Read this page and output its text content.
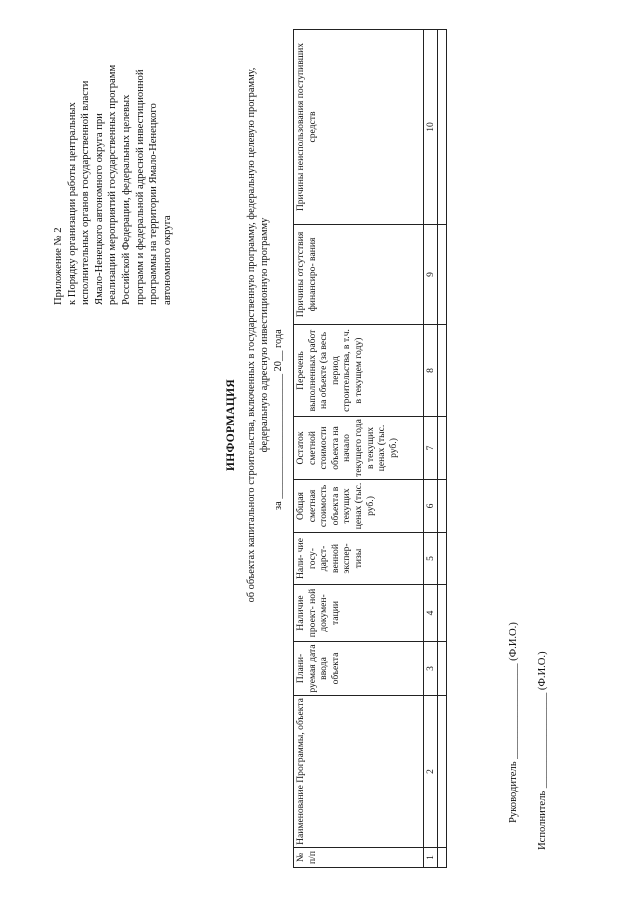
Приложение № 2 к Порядку организации работы центральных исполнительных органов государственной власти Ямало-Ненецкого автономного округа при реализации мероприятий государственных программ Российской Федерации, федеральных целевых программ и федеральной адресной инвестиционной программы на территории Ямало-Ненецкого автономного округа
ИНФОРМАЦИЯ об объектах капитального строительства, включенных в государственную программу, федеральную целевую программу, федеральную адресную инвестиционную программу
за ________________________ 20__ года
№ п/п	Наименование Программы, объекта	Плани- руемая дата ввода объекта	Наличие проект- ной докумен- тации	Нали- чие госу- дарст- венной экспер- тизы	Общая сметная стоимость объекта в текущих ценах (тыс. руб.)	Остаток сметной стоимости объекта на начало текущего года в текущих ценах (тыс. руб.)	Перечень выполненных работ на объекте (за весь период строительства, в т.ч. в текущем году)	Причины отсутствия финансиро- вания	Причины неиспользования поступивших средств
1	2	3	4	5	6	7	8	9	10

Руководитель __________________ (Ф.И.О.)
Исполнитель __________________ (Ф.И.О.)
